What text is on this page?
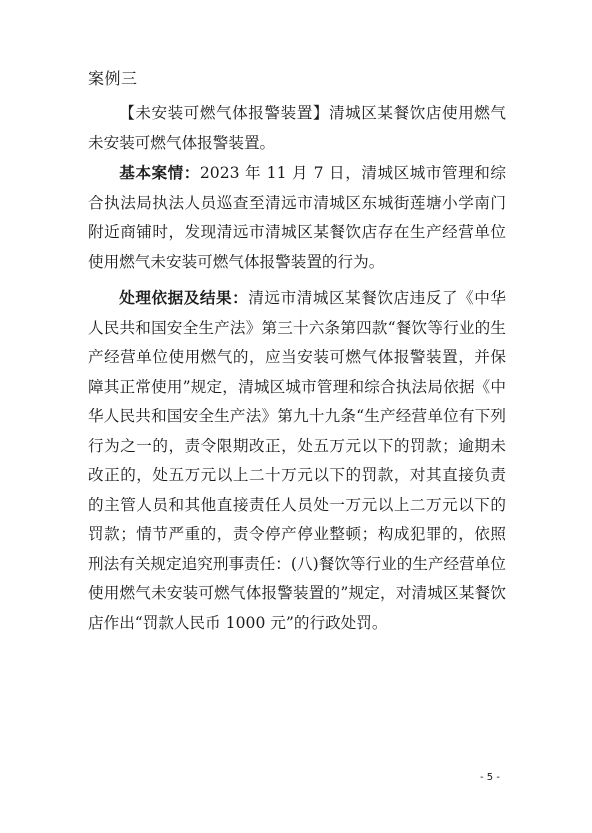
案例三

【未安装可燃气体报警装置】清城区某餐饮店使用燃气未安装可燃气体报警装置。

基本案情：2023 年 11 月 7 日，清城区城市管理和综合执法局执法人员巡查至清远市清城区东城街莲塘小学南门附近商铺时，发现清远市清城区某餐饮店存在生产经营单位使用燃气未安装可燃气体报警装置的行为。

处理依据及结果：清远市清城区某餐饮店违反了《中华人民共和国安全生产法》第三十六条第四款“餐饮等行业的生产经营单位使用燃气的，应当安装可燃气体报警装置，并保障其正常使用”规定，清城区城市管理和综合执法局依据《中华人民共和国安全生产法》第九十九条“生产经营单位有下列行为之一的，责令限期改正，处五万元以下的罚款；逾期未改正的，处五万元以上二十万元以下的罚款，对其直接负责的主管人员和其他直接责任人员处一万元以上二万元以下的罚款；情节严重的，责令停产停业整顿；构成犯罪的，依照刑法有关规定追究刑事责任：(八)餐饮等行业的生产经营单位使用燃气未安装可燃气体报警装置的”规定，对清城区某餐饮店作出“罚款人民币 1000 元”的行政处罚。

- 5 -
